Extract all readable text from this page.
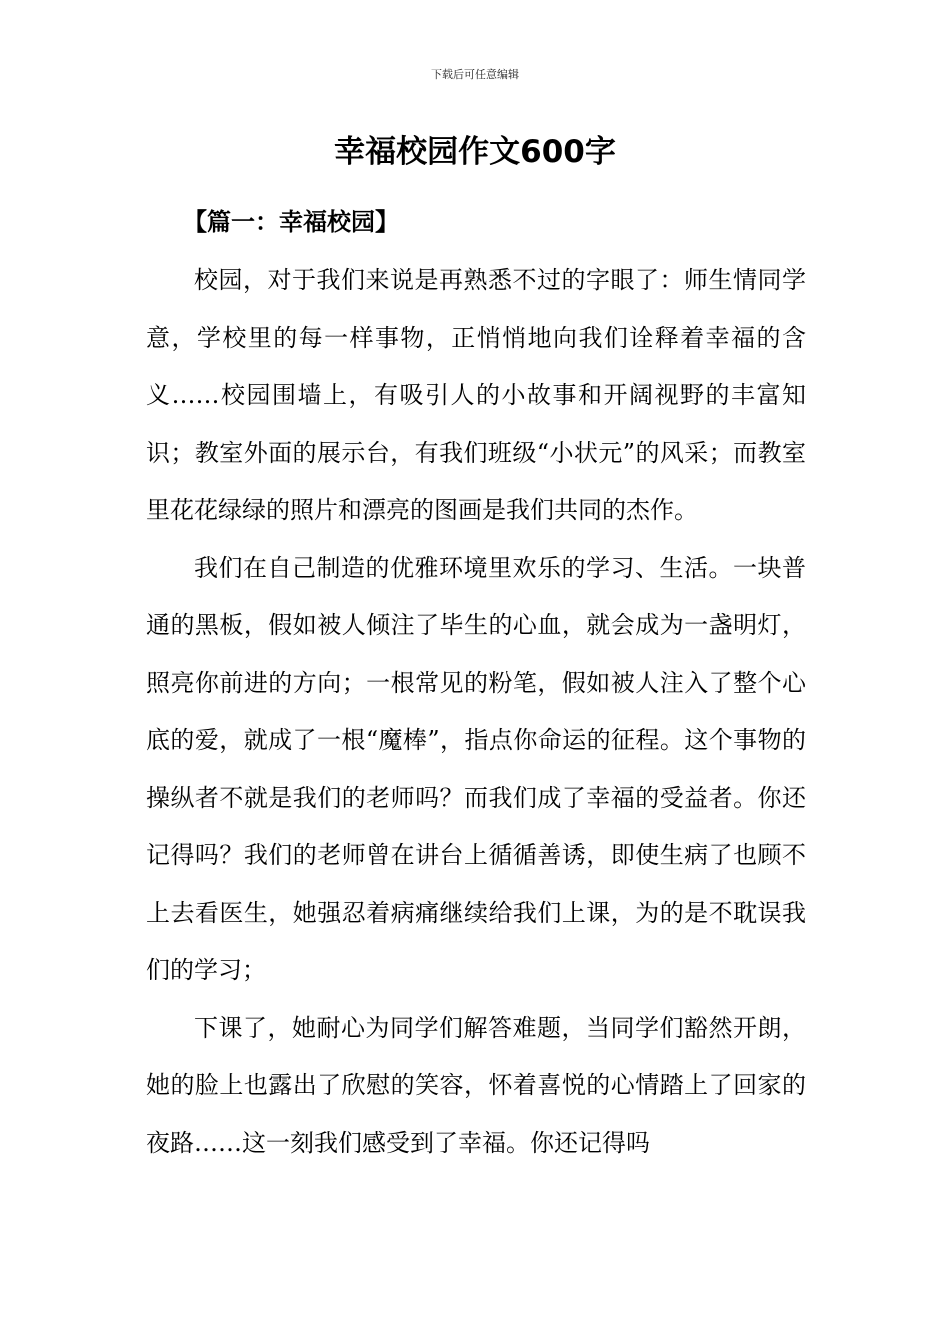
下载后可任意编辑
幸福校园作文600字
【篇一：幸福校园】

校园，对于我们来说是再熟悉不过的字眼了：师生情同学意，学校里的每一样事物，正悄悄地向我们诠释着幸福的含义……校园围墙上，有吸引人的小故事和开阔视野的丰富知识；教室外面的展示台，有我们班级“小状元”的风采；而教室里花花绿绿的照片和漂亮的图画是我们共同的杰作。

我们在自己制造的优雅环境里欢乐的学习、生活。一块普通的黑板，假如被人倾注了毕生的心血，就会成为一盏明灯，照亮你前进的方向；一根常见的粉笔，假如被人注入了整个心底的爱，就成了一根“魔棒”，指点你命运的征程。这个事物的操纵者不就是我们的老师吗？而我们成了幸福的受益者。你还记得吗？我们的老师曾在讲台上循循善诱，即使生病了也顾不上去看医生，她强忍着病痛继续给我们上课，为的是不耽误我们的学习；

下课了，她耐心为同学们解答难题，当同学们豁然开朗，她的脸上也露出了欣慰的笑容，怀着喜悦的心情踏上了回家的夜路……这一刻我们感受到了幸福。你还记得吗
